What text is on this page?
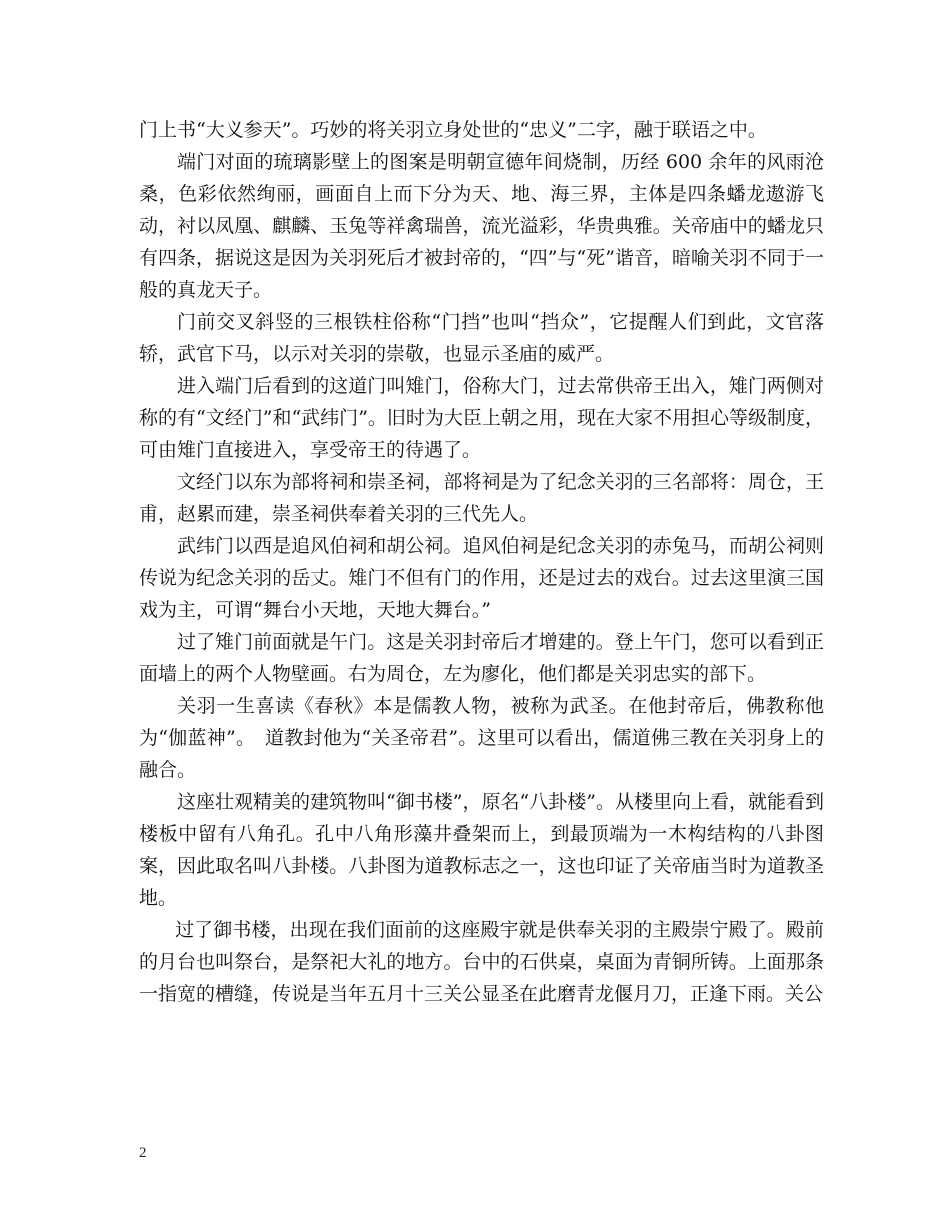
门上书“大义参天”。巧妙的将关羽立身处世的“忠义”二字，融于联语之中。

端门对面的琉璃影壁上的图案是明朝宣德年间烧制，历经 600 余年的风雨沧桑，色彩依然绚丽，画面自上而下分为天、地、海三界，主体是四条蟠龙遨游飞动，衬以凤凰、麒麟、玉兔等祥禽瑞兽，流光溢彩，华贵典雅。关帝庙中的蟠龙只有四条，据说这是因为关羽死后才被封帝的，“四”与“死”谐音，暗喻关羽不同于一般的真龙天子。

门前交叉斜竖的三根铁柱俗称“门挡”也叫“挡众”，它提醒人们到此，文官落轿，武官下马，以示对关羽的崇敬，也显示圣庙的威严。

进入端门后看到的这道门叫雉门，俗称大门，过去常供帝王出入，雉门两侧对称的有“文经门”和“武纬门”。旧时为大臣上朝之用，现在大家不用担心等级制度，可由雉门直接进入，享受帝王的待遇了。

文经门以东为部将祠和崇圣祠，部将祠是为了纪念关羽的三名部将：周仓，王甫，赵累而建，崇圣祠供奉着关羽的三代先人。

武纬门以西是追风伯祠和胡公祠。追风伯祠是纪念关羽的赤兔马，而胡公祠则传说为纪念关羽的岳丈。雉门不但有门的作用，还是过去的戏台。过去这里演三国戏为主，可谓“舞台小天地，天地大舞台。”

过了雉门前面就是午门。这是关羽封帝后才增建的。登上午门，您可以看到正面墙上的两个人物壁画。右为周仓，左为廖化，他们都是关羽忠实的部下。

关羽一生喜读《春秋》本是儒教人物，被称为武圣。在他封帝后，佛教称他为“伽蓝神”。　道教封他为“关圣帝君”。这里可以看出，儒道佛三教在关羽身上的融合。

这座壮观精美的建筑物叫“御书楼”，原名“八卦楼”。从楼里向上看，就能看到楼板中留有八角孔。孔中八角形藻井叠架而上，到最顶端为一木构结构的八卦图案，因此取名叫八卦楼。八卦图为道教标志之一，这也印证了关帝庙当时为道教圣地。

过了御书楼，出现在我们面前的这座殿宇就是供奉关羽的主殿崇宁殿了。殿前的月台也叫祭台，是祭祀大礼的地方。台中的石供桌，桌面为青铜所铸。上面那条一指宽的槽缝，传说是当年五月十三关公显圣在此磨青龙偃月刀，正逢下雨。关公

2
